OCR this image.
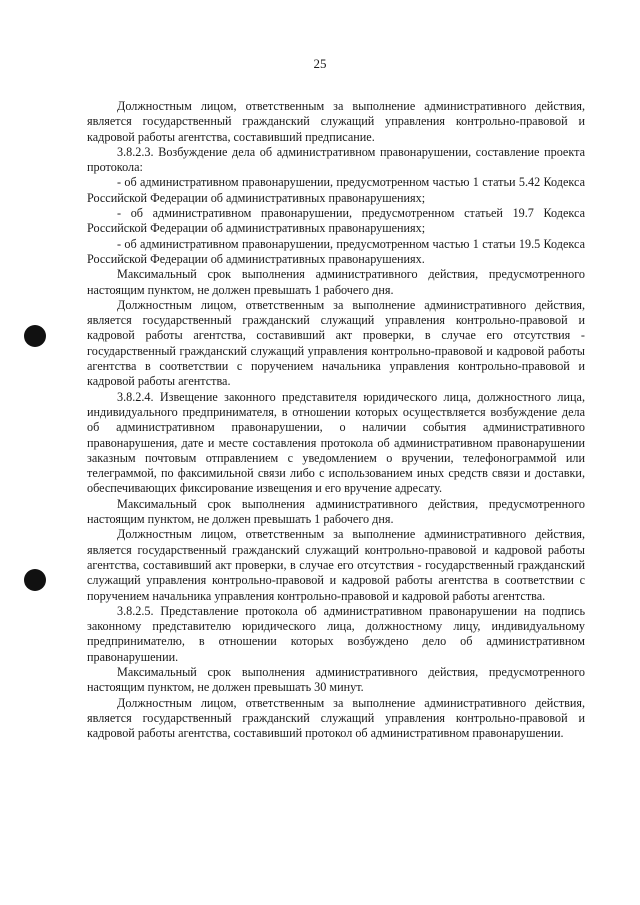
25

Должностным лицом, ответственным за выполнение административного действия, является государственный гражданский служащий управления контрольно-правовой и кадровой работы агентства, составивший предписание.

3.8.2.3. Возбуждение дела об административном правонарушении, составление проекта протокола:

- об административном правонарушении, предусмотренном частью 1 статьи 5.42 Кодекса Российской Федерации об административных правонарушениях;

- об административном правонарушении, предусмотренном статьей 19.7 Кодекса Российской Федерации об административных правонарушениях;

- об административном правонарушении, предусмотренном частью 1 статьи 19.5 Кодекса Российской Федерации об административных правонарушениях.

Максимальный срок выполнения административного действия, предусмотренного настоящим пунктом, не должен превышать 1 рабочего дня.

Должностным лицом, ответственным за выполнение административного действия, является государственный гражданский служащий управления контрольно-правовой и кадровой работы агентства, составивший акт проверки, в случае его отсутствия - государственный гражданский служащий управления контрольно-правовой и кадровой работы агентства в соответствии с поручением начальника управления контрольно-правовой и кадровой работы агентства.

3.8.2.4. Извещение законного представителя юридического лица, должностного лица, индивидуального предпринимателя, в отношении которых осуществляется возбуждение дела об административном правонарушении, о наличии события административного правонарушения, дате и месте составления протокола об административном правонарушении заказным почтовым отправлением с уведомлением о вручении, телефонограммой или телеграммой, по факсимильной связи либо с использованием иных средств связи и доставки, обеспечивающих фиксирование извещения и его вручение адресату.

Максимальный срок выполнения административного действия, предусмотренного настоящим пунктом, не должен превышать 1 рабочего дня.

Должностным лицом, ответственным за выполнение административного действия, является государственный гражданский служащий контрольно-правовой и кадровой работы агентства, составивший акт проверки, в случае его отсутствия - государственный гражданский служащий управления контрольно-правовой и кадровой работы агентства в соответствии с поручением начальника управления контрольно-правовой и кадровой работы агентства.

3.8.2.5. Представление протокола об административном правонарушении на подпись законному представителю юридического лица, должностному лицу, индивидуальному предпринимателю, в отношении которых возбуждено дело об административном правонарушении.

Максимальный срок выполнения административного действия, предусмотренного настоящим пунктом, не должен превышать 30 минут.

Должностным лицом, ответственным за выполнение административного действия, является государственный гражданский служащий управления контрольно-правовой и кадровой работы агентства, составивший протокол об административном правонарушении.
